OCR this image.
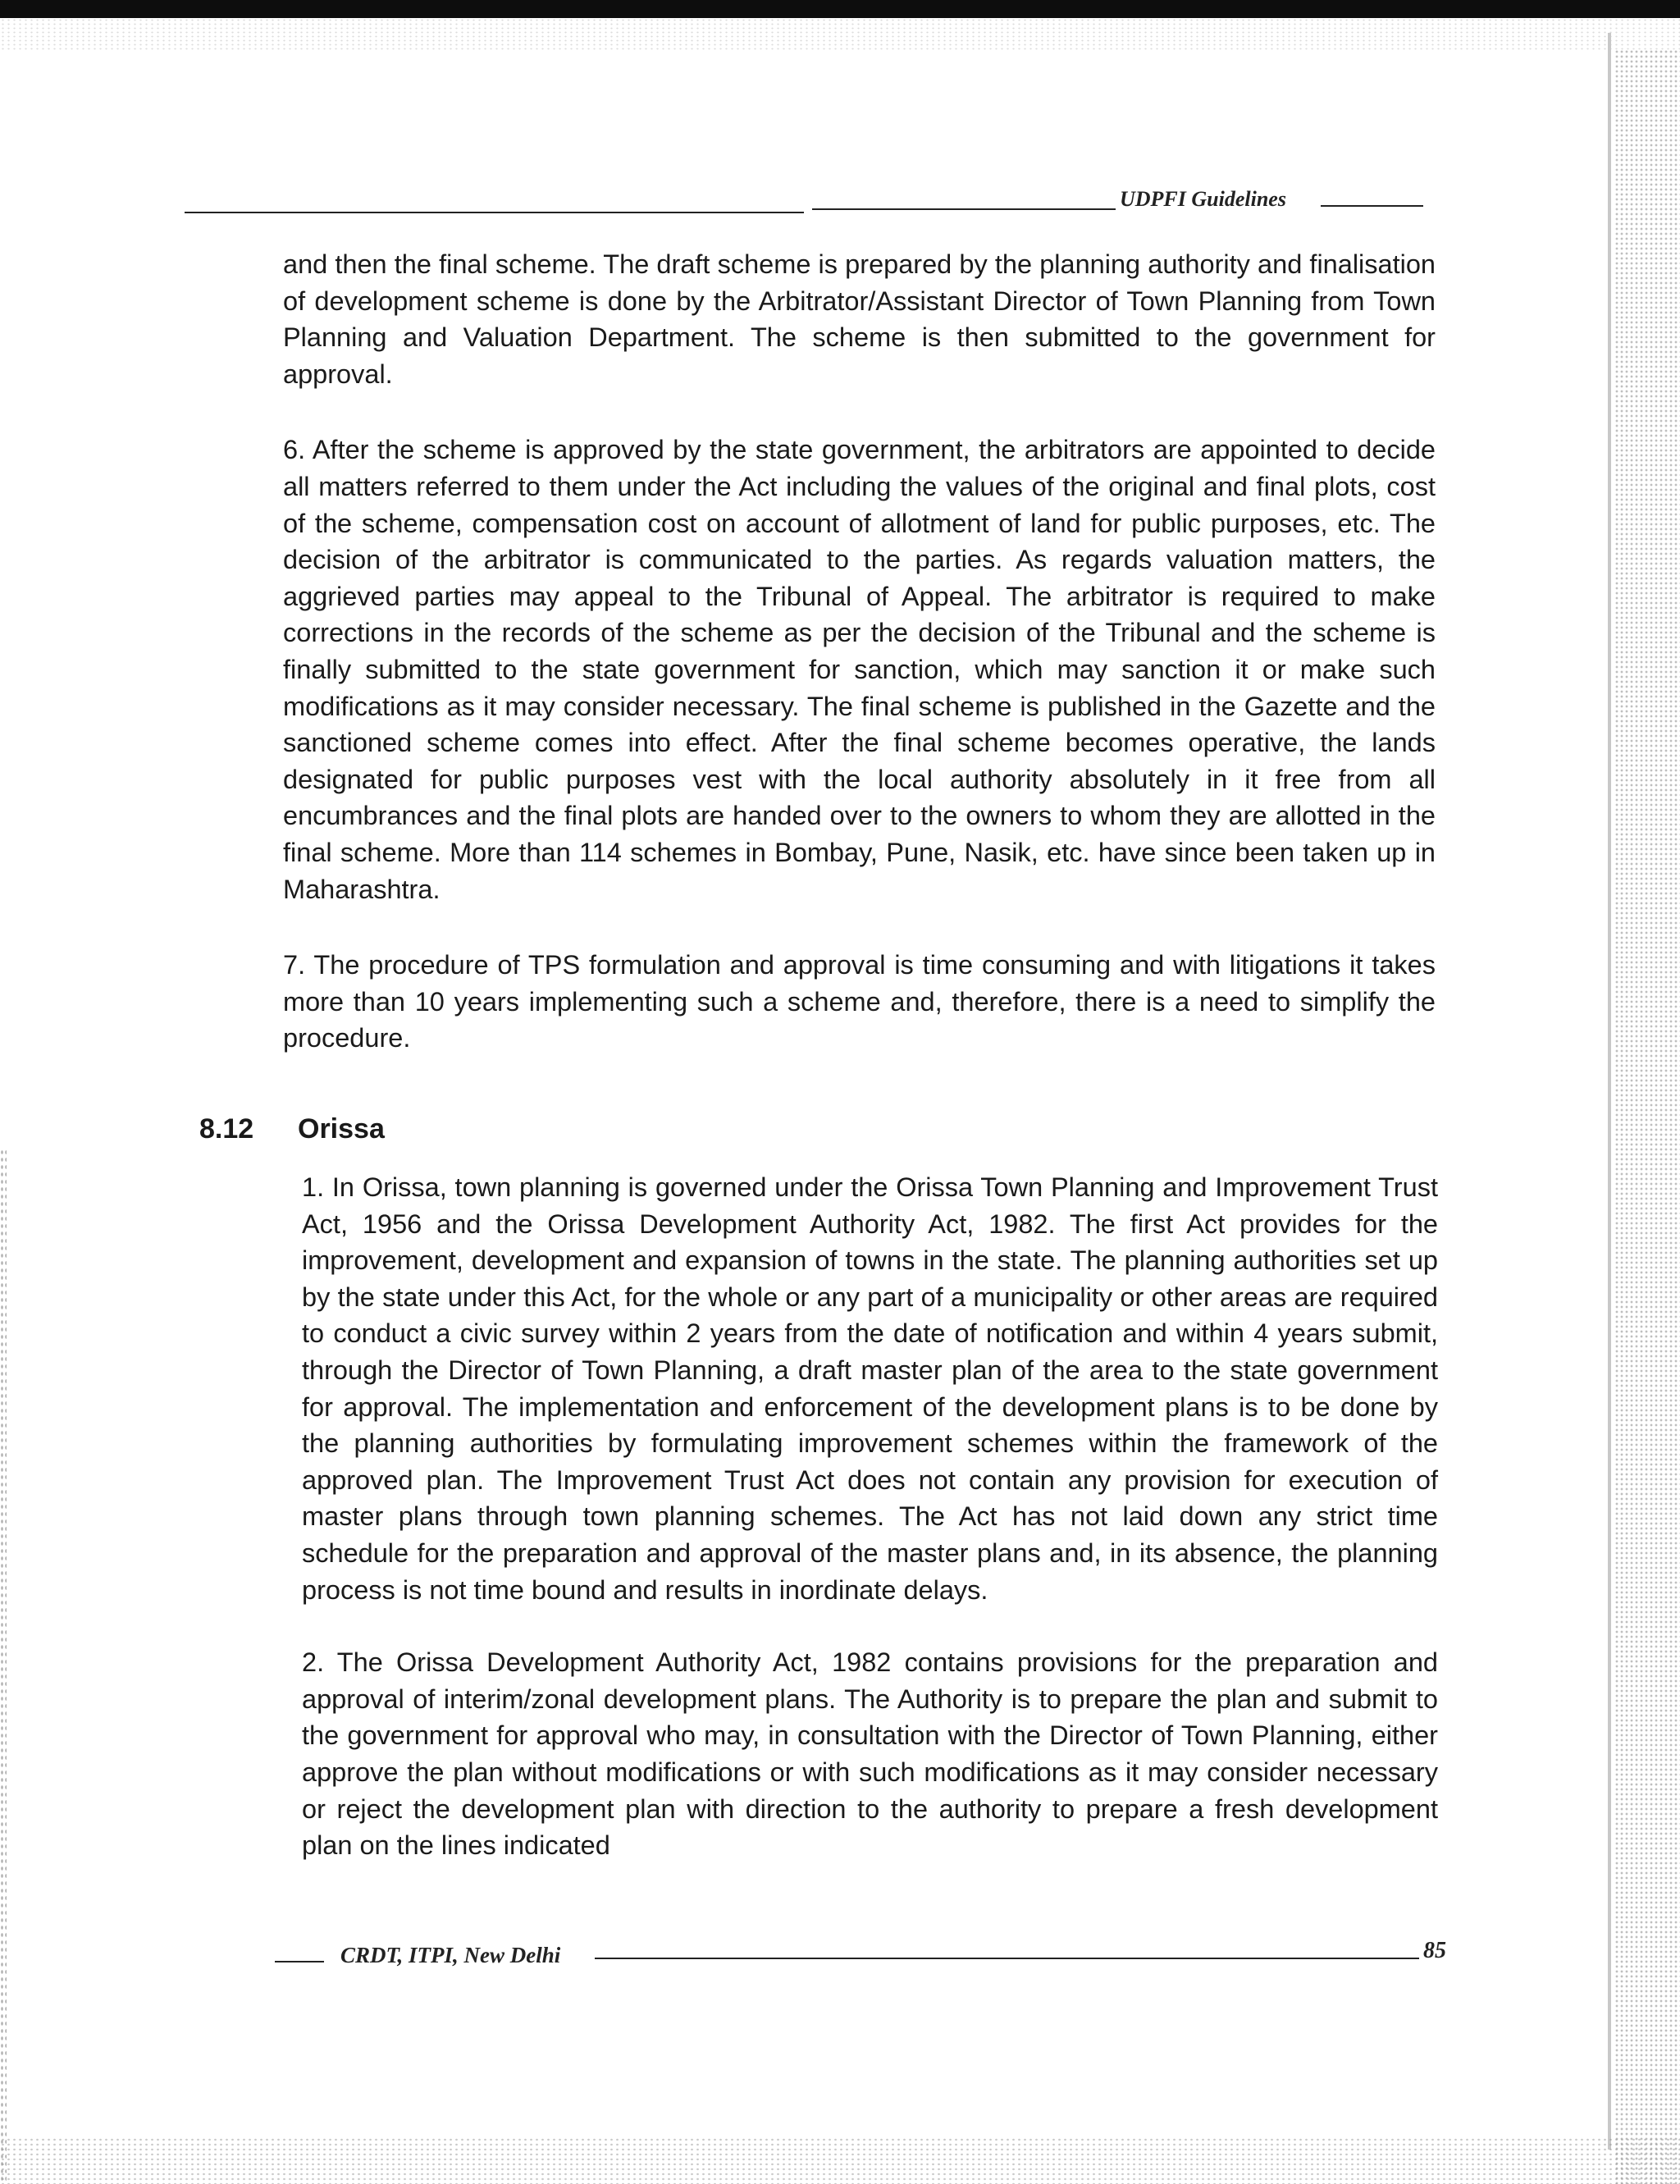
UDPFI Guidelines

and then the final scheme. The draft scheme is prepared by the planning authority and finalisation of development scheme is done by the Arbitrator/Assistant Director of Town Planning from Town Planning and Valuation Department. The scheme is then submitted to the government for approval.

6. After the scheme is approved by the state government, the arbitrators are appointed to decide all matters referred to them under the Act including the values of the original and final plots, cost of the scheme, compensation cost on account of allotment of land for public purposes, etc. The decision of the arbitrator is communicated to the parties. As regards valuation matters, the aggrieved parties may appeal to the Tribunal of Appeal. The arbitrator is required to make corrections in the records of the scheme as per the decision of the Tribunal and the scheme is finally submitted to the state government for sanction, which may sanction it or make such modifications as it may consider necessary. The final scheme is published in the Gazette and the sanctioned scheme comes into effect. After the final scheme becomes operative, the lands designated for public purposes vest with the local authority absolutely in it free from all encumbrances and the final plots are handed over to the owners to whom they are allotted in the final scheme. More than 114 schemes in Bombay, Pune, Nasik, etc. have since been taken up in Maharashtra.

7. The procedure of TPS formulation and approval is time consuming and with litigations it takes more than 10 years implementing such a scheme and, therefore, there is a need to simplify the procedure.

8.12 Orissa

1. In Orissa, town planning is governed under the Orissa Town Planning and Improvement Trust Act, 1956 and the Orissa Development Authority Act, 1982. The first Act provides for the improvement, development and expansion of towns in the state. The planning authorities set up by the state under this Act, for the whole or any part of a municipality or other areas are required to conduct a civic survey within 2 years from the date of notification and within 4 years submit, through the Director of Town Planning, a draft master plan of the area to the state government for approval. The implementation and enforcement of the development plans is to be done by the planning authorities by formulating improvement schemes within the framework of the approved plan. The Improvement Trust Act does not contain any provision for execution of master plans through town planning schemes. The Act has not laid down any strict time schedule for the preparation and approval of the master plans and, in its absence, the planning process is not time bound and results in inordinate delays.

2. The Orissa Development Authority Act, 1982 contains provisions for the preparation and approval of interim/zonal development plans. The Authority is to prepare the plan and submit to the government for approval who may, in consultation with the Director of Town Planning, either approve the plan without modifications or with such modifications as it may consider necessary or reject the development plan with direction to the authority to prepare a fresh development plan on the lines indicated

CRDT, ITPI, New Delhi	85
